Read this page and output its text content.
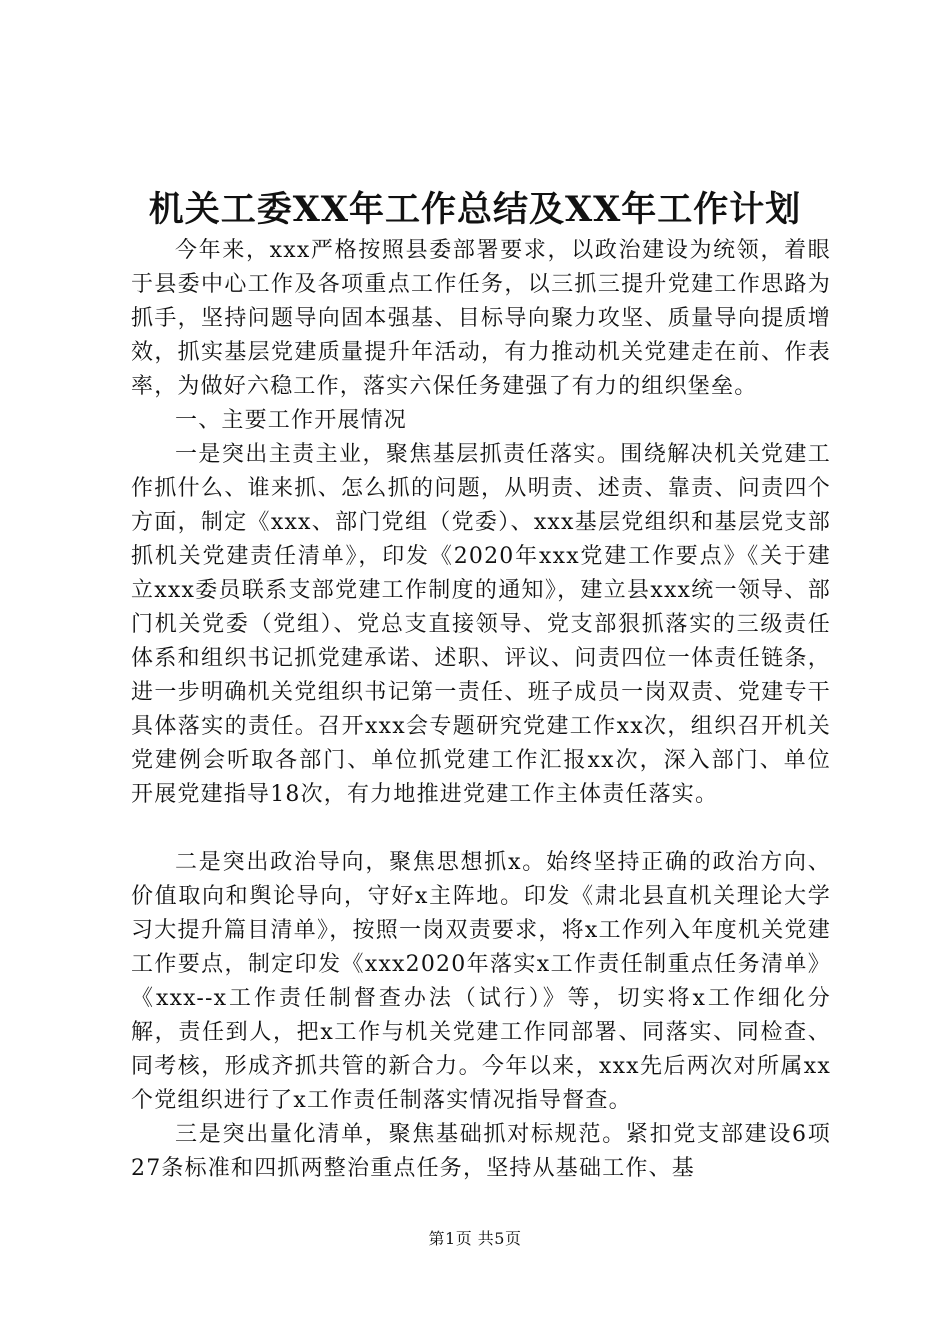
机关工委XX年工作总结及XX年工作计划

今年来，xxx严格按照县委部署要求，以政治建设为统领，着眼于县委中心工作及各项重点工作任务，以三抓三提升党建工作思路为抓手，坚持问题导向固本强基、目标导向聚力攻坚、质量导向提质增效，抓实基层党建质量提升年活动，有力推动机关党建走在前、作表率，为做好六稳工作，落实六保任务建强了有力的组织堡垒。

一、主要工作开展情况

一是突出主责主业，聚焦基层抓责任落实。围绕解决机关党建工作抓什么、谁来抓、怎么抓的问题，从明责、述责、靠责、问责四个方面，制定《xxx、部门党组（党委）、xxx基层党组织和基层党支部抓机关党建责任清单》，印发《2020年xxx党建工作要点》《关于建立xxx委员联系支部党建工作制度的通知》，建立县xxx统一领导、部门机关党委（党组）、党总支直接领导、党支部狠抓落实的三级责任体系和组织书记抓党建承诺、述职、评议、问责四位一体责任链条，进一步明确机关党组织书记第一责任、班子成员一岗双责、党建专干具体落实的责任。召开xxx会专题研究党建工作xx次，组织召开机关党建例会听取各部门、单位抓党建工作汇报xx次，深入部门、单位开展党建指导18次，有力地推进党建工作主体责任落实。

二是突出政治导向，聚焦思想抓x。始终坚持正确的政治方向、价值取向和舆论导向，守好x主阵地。印发《肃北县直机关理论大学习大提升篇目清单》，按照一岗双责要求，将x工作列入年度机关党建工作要点，制定印发《xxx2020年落实x工作责任制重点任务清单》《xxx--x工作责任制督查办法（试行）》等，切实将x工作细化分解，责任到人，把x工作与机关党建工作同部署、同落实、同检查、同考核，形成齐抓共管的新合力。今年以来，xxx先后两次对所属xx个党组织进行了x工作责任制落实情况指导督查。

三是突出量化清单，聚焦基础抓对标规范。紧扣党支部建设6项27条标准和四抓两整治重点任务，坚持从基础工作、基

第1页 共5页
